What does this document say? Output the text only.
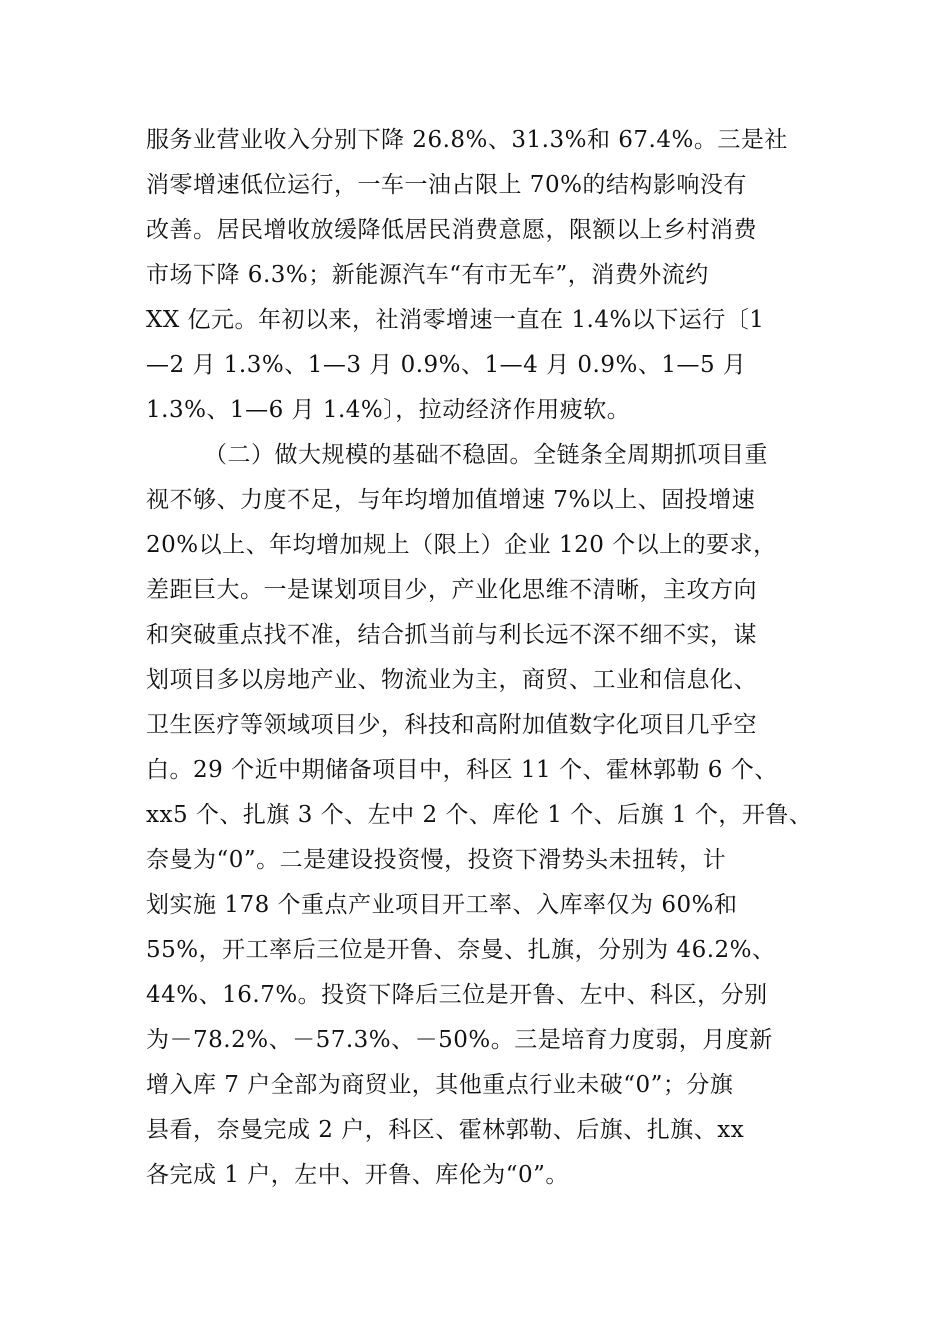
服务业营业收入分别下降 26.8%、31.3%和 67.4%。三是社
消零增速低位运行，一车一油占限上 70%的结构影响没有
改善。居民增收放缓降低居民消费意愿，限额以上乡村消费
市场下降 6.3%；新能源汽车“有市无车”，消费外流约
XX 亿元。年初以来，社消零增速一直在 1.4%以下运行〔1
—2 月 1.3%、1—3 月 0.9%、1—4 月 0.9%、1—5 月
1.3%、1—6 月 1.4%〕，拉动经济作用疲软。
（二）做大规模的基础不稳固。全链条全周期抓项目重
视不够、力度不足，与年均增加值增速 7%以上、固投增速
20%以上、年均增加规上（限上）企业 120 个以上的要求，
差距巨大。一是谋划项目少，产业化思维不清晰，主攻方向
和突破重点找不准，结合抓当前与利长远不深不细不实，谋
划项目多以房地产业、物流业为主，商贸、工业和信息化、
卫生医疗等领域项目少，科技和高附加值数字化项目几乎空
白。29 个近中期储备项目中，科区 11 个、霍林郭勒 6 个、
xx5 个、扎旗 3 个、左中 2 个、库伦 1 个、后旗 1 个，开鲁、
奈曼为“0”。二是建设投资慢，投资下滑势头未扭转，计
划实施 178 个重点产业项目开工率、入库率仅为 60%和
55%，开工率后三位是开鲁、奈曼、扎旗，分别为 46.2%、
44%、16.7%。投资下降后三位是开鲁、左中、科区，分别
为－78.2%、－57.3%、－50%。三是培育力度弱，月度新
增入库 7 户全部为商贸业，其他重点行业未破“0”；分旗
县看，奈曼完成 2 户，科区、霍林郭勒、后旗、扎旗、xx
各完成 1 户，左中、开鲁、库伦为“0”。
